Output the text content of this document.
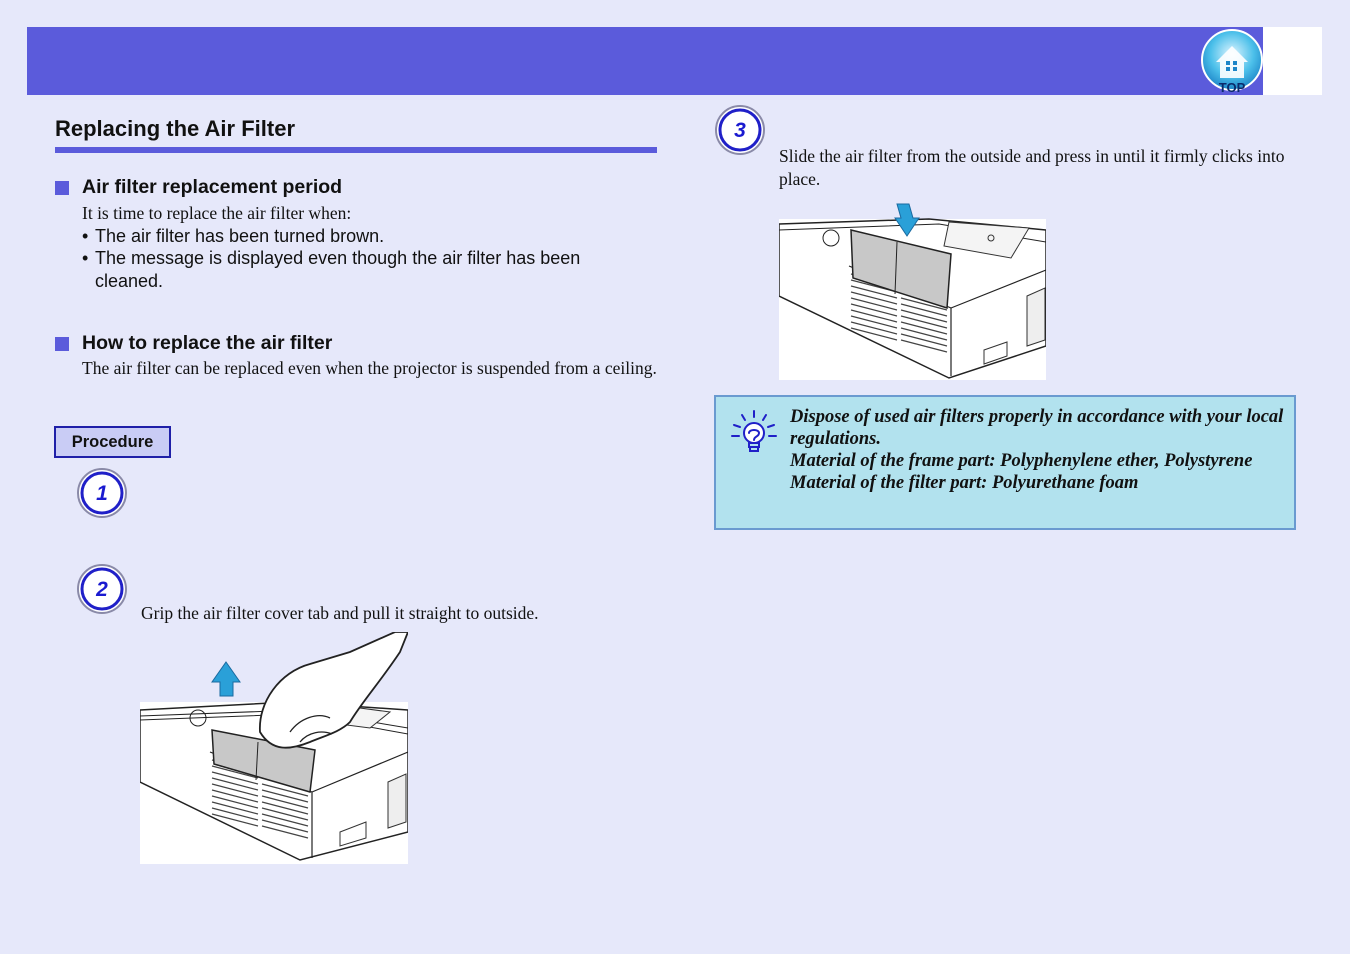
TOP
Replacing the Air Filter
Air filter replacement period
It is time to replace the air filter when:
• The air filter has been turned brown.
• The message is displayed even though the air filter has been cleaned.
How to replace the air filter
The air filter can be replaced even when the projector is suspended from a ceiling.
Procedure
1
2
Grip the air filter cover tab and pull it straight to outside.
3
Slide the air filter from the outside and press in until it firmly clicks into place.
Dispose of used air filters properly in accordance with your local regulations.
Material of the frame part: Polyphenylene ether, Polystyrene
Material of the filter part: Polyurethane foam
